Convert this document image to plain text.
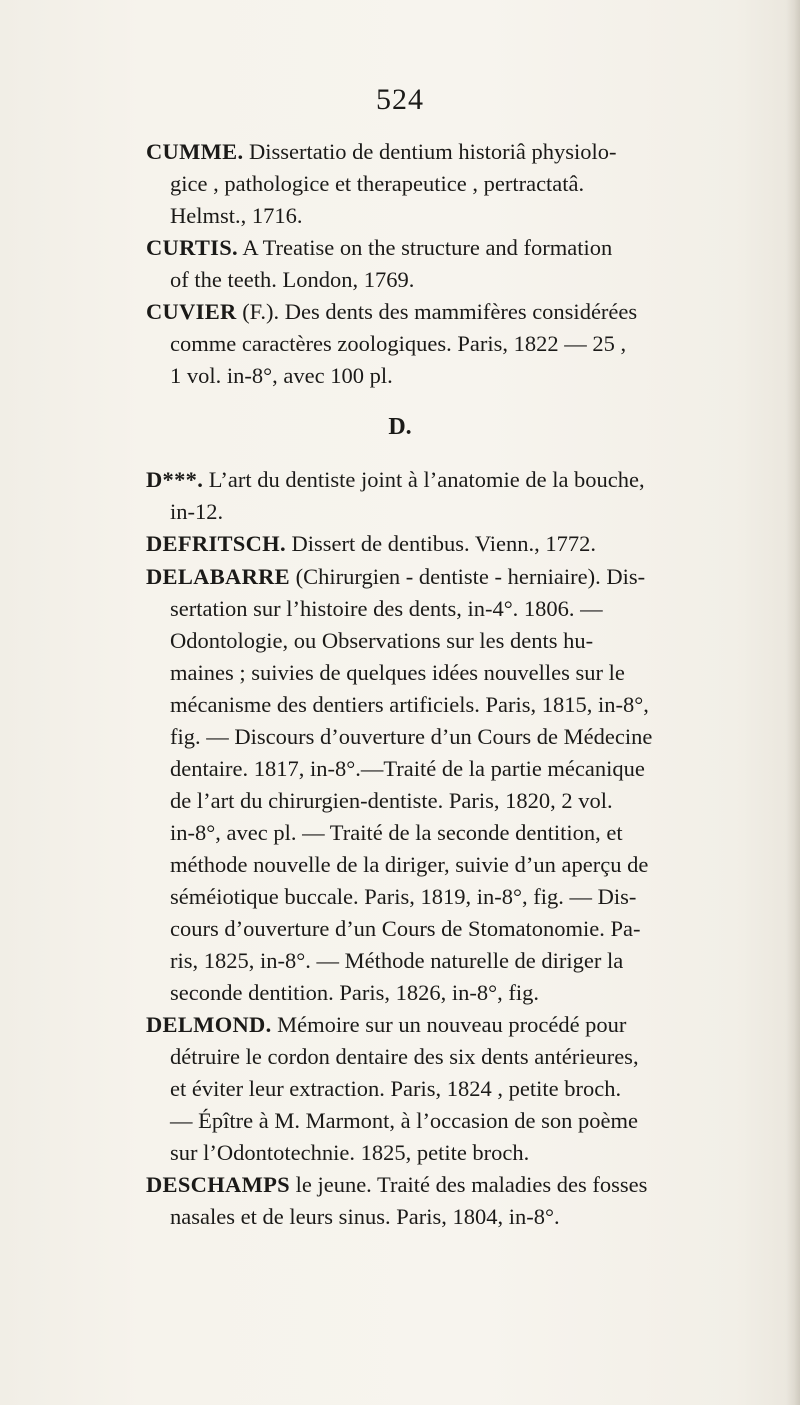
524
CUMME. Dissertatio de dentium historiâ physiolo-
gice , pathologice et therapeutice , pertractatâ.
Helmst., 1716.
CURTIS. A Treatise on the structure and formation
of the teeth. London, 1769.
CUVIER (F.). Des dents des mammifères considérées
comme caractères zoologiques. Paris, 1822 — 25 ,
1 vol. in-8°, avec 100 pl.
D.
D***. L’art du dentiste joint à l’anatomie de la bouche,
in-12.
DEFRITSCH. Dissert de dentibus. Vienn., 1772.
DELABARRE (Chirurgien - dentiste - herniaire). Dis-
sertation sur l’histoire des dents, in-4°. 1806. —
Odontologie, ou Observations sur les dents hu-
maines ; suivies de quelques idées nouvelles sur le
mécanisme des dentiers artificiels. Paris, 1815, in-8°,
fig. — Discours d’ouverture d’un Cours de Médecine
dentaire. 1817, in-8°.—Traité de la partie mécanique
de l’art du chirurgien-dentiste. Paris, 1820, 2 vol.
in-8°, avec pl. — Traité de la seconde dentition, et
méthode nouvelle de la diriger, suivie d’un aperçu de
séméiotique buccale. Paris, 1819, in-8°, fig. — Dis-
cours d’ouverture d’un Cours de Stomatonomie. Pa-
ris, 1825, in-8°. — Méthode naturelle de diriger la
seconde dentition. Paris, 1826, in-8°, fig.
DELMOND. Mémoire sur un nouveau procédé pour
détruire le cordon dentaire des six dents antérieures,
et éviter leur extraction. Paris, 1824 , petite broch.
— Épître à M. Marmont, à l’occasion de son poème
sur l’Odontotechnie. 1825, petite broch.
DESCHAMPS le jeune. Traité des maladies des fosses
nasales et de leurs sinus. Paris, 1804, in-8°.
